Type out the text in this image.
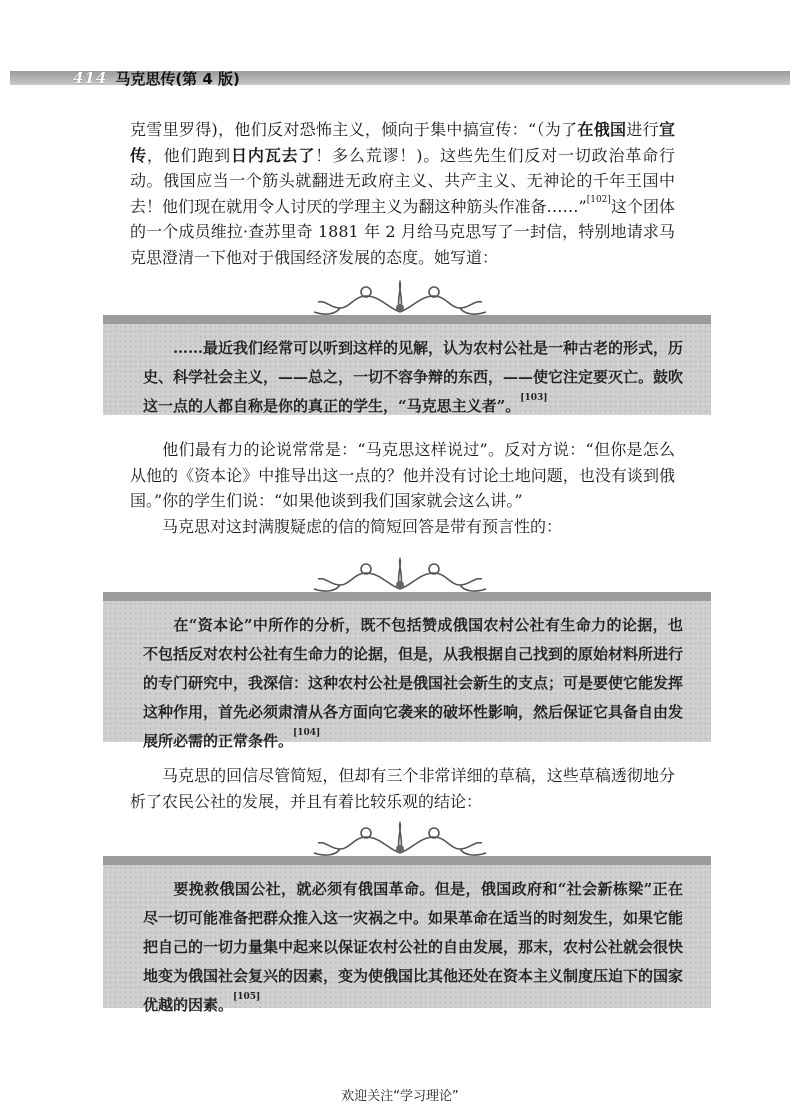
414 马克思传(第 4 版)

克雪里罗得)，他们反对恐怖主义，倾向于集中搞宣传：“（为了在俄国进行宣传，他们跑到日内瓦去了！多么荒谬！)。这些先生们反对一切政治革命行动。俄国应当一个筋头就翻进无政府主义、共产主义、无神论的千年王国中去！他们现在就用令人讨厌的学理主义为翻这种筋头作准备……”[102]这个团体的一个成员维拉·查苏里奇 1881 年 2 月给马克思写了一封信，特别地请求马克思澄清一下他对于俄国经济发展的态度。她写道：

……最近我们经常可以听到这样的见解，认为农村公社是一种古老的形式，历史、科学社会主义，——总之，一切不容争辩的东西，——使它注定要灭亡。鼓吹这一点的人都自称是你的真正的学生，“马克思主义者”。[103]

他们最有力的论说常常是：“马克思这样说过”。反对方说：“但你是怎么从他的《资本论》中推导出这一点的？他并没有讨论土地问题，也没有谈到俄国。”你的学生们说：“如果他谈到我们国家就会这么讲。”

马克思对这封满腹疑虑的信的简短回答是带有预言性的：

在“资本论”中所作的分析，既不包括赞成俄国农村公社有生命力的论据，也不包括反对农村公社有生命力的论据，但是，从我根据自己找到的原始材料所进行的专门研究中，我深信：这种农村公社是俄国社会新生的支点；可是要使它能发挥这种作用，首先必须肃清从各方面向它袭来的破坏性影响，然后保证它具备自由发展所必需的正常条件。[104]

马克思的回信尽管简短，但却有三个非常详细的草稿，这些草稿透彻地分析了农民公社的发展，并且有着比较乐观的结论：

要挽救俄国公社，就必须有俄国革命。但是，俄国政府和“社会新栋梁”正在尽一切可能准备把群众推入这一灾祸之中。如果革命在适当的时刻发生，如果它能把自己的一切力量集中起来以保证农村公社的自由发展，那末，农村公社就会很快地变为俄国社会复兴的因素，变为使俄国比其他还处在资本主义制度压迫下的国家优越的因素。[105]
欢迎关注“学习理论”
